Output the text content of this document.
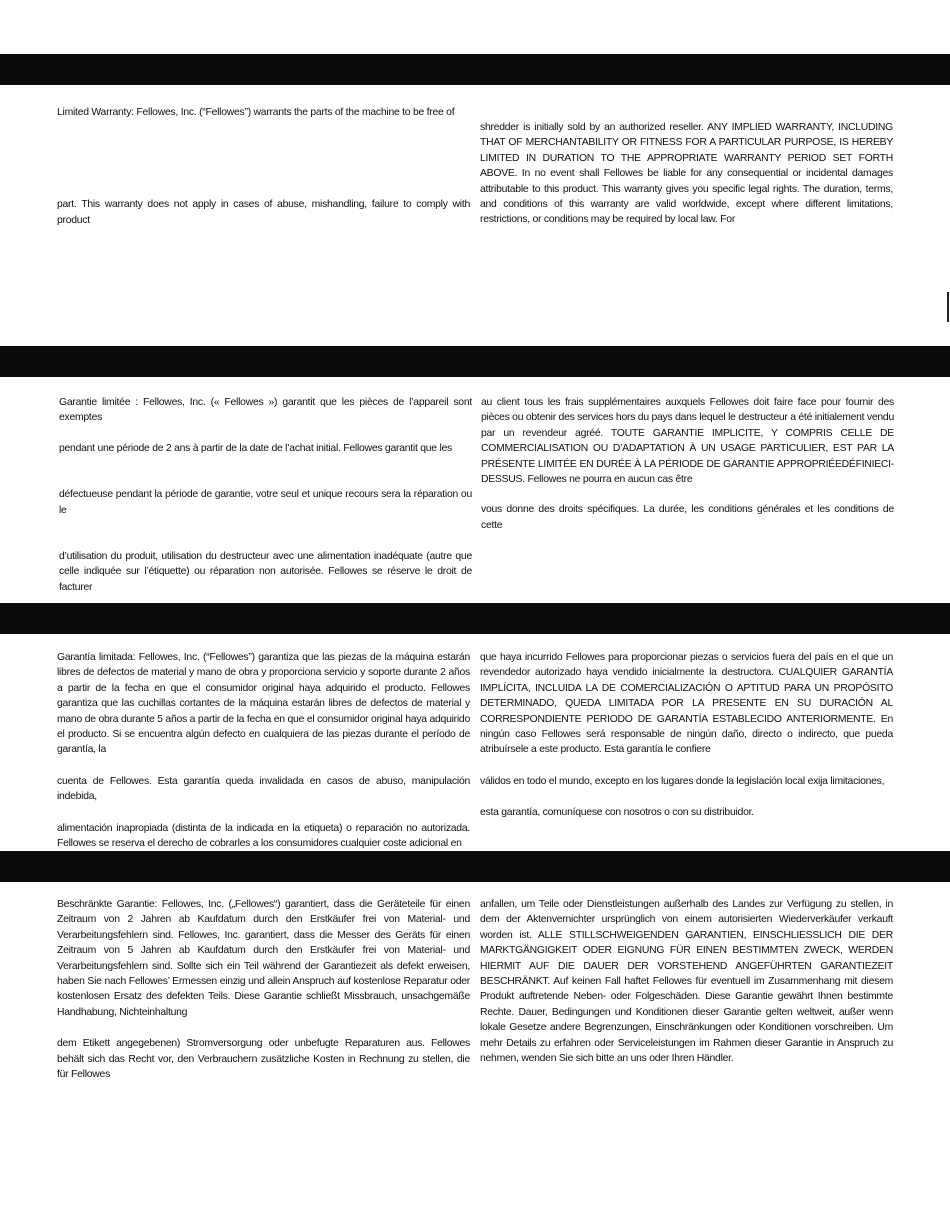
Limited Warranty: Fellowes, Inc. (“Fellowes”) warrants the parts of the machine to be free of

part. This warranty does not apply in cases of abuse, mishandling, failure to comply with product

shredder is initially sold by an authorized reseller. ANY IMPLIED WARRANTY, INCLUDING THAT OF MERCHANTABILITY OR FITNESS FOR A PARTICULAR PURPOSE, IS HEREBY LIMITED IN DURATION TO THE APPROPRIATE WARRANTY PERIOD SET FORTH ABOVE. In no event shall Fellowes be liable for any consequential or incidental damages attributable to this product. This warranty gives you specific legal rights. The duration, terms, and conditions of this warranty are valid worldwide, except where different limitations, restrictions, or conditions may be required by local law. For

Garantie limitée : Fellowes, Inc. (« Fellowes ») garantit que les pièces de l’appareil sont exemptes

pendant une période de 2 ans à partir de la date de l’achat initial. Fellowes garantit que les

défectueuse pendant la période de garantie, votre seul et unique recours sera la réparation ou le

d’utilisation du produit, utilisation du destructeur avec une alimentation inadéquate (autre que celle indiquée sur l’étiquette) ou réparation non autorisée. Fellowes se réserve le droit de facturer

au client tous les frais supplémentaires auxquels Fellowes doit faire face pour fournir des pièces ou obtenir des services hors du pays dans lequel le destructeur a été initialement vendu par un revendeur agréé. TOUTE GARANTIE IMPLICITE, Y COMPRIS CELLE DE COMMERCIALISATION OU D’ADAPTATION À UN USAGE PARTICULIER, EST PAR LA PRÉSENTE LIMITÉE EN DURÉE À LA PÉRIODE DE GARANTIE APPROPRIÉEDÉFINIECI-DESSUS. Fellowes ne pourra en aucun cas être

vous donne des droits spécifiques. La durée, les conditions générales et les conditions de cette

Garantía limitada: Fellowes, Inc. (“Fellowes”) garantiza que las piezas de la máquina estarán libres de defectos de material y mano de obra y proporciona servicio y soporte durante 2 años a partir de la fecha en que el consumidor original haya adquirido el producto. Fellowes garantiza que las cuchillas cortantes de la máquina estarán libres de defectos de material y mano de obra durante 5 años a partir de la fecha en que el consumidor original haya adquirido el producto. Si se encuentra algún defecto en cualquiera de las piezas durante el período de garantía, la

cuenta de Fellowes. Esta garantía queda invalidada en casos de abuso, manipulación indebida,

alimentación inapropiada (distinta de la indicada en la etiqueta) o reparación no autorizada. Fellowes se reserva el derecho de cobrarles a los consumidores cualquier coste adicional en

que haya incurrido Fellowes para proporcionar piezas o servicios fuera del país en el que un revendedor autorizado haya vendido inicialmente la destructora. CUALQUIER GARANTÍA IMPLÍCITA, INCLUIDA LA DE COMERCIALIZACIÓN O APTITUD PARA UN PROPÓSITO DETERMINADO, QUEDA LIMITADA POR LA PRESENTE EN SU DURACIÓN AL CORRESPONDIENTE PERIODO DE GARANTÍA ESTABLECIDO ANTERIORMENTE. En ningún caso Fellowes será responsable de ningún daño, directo o indirecto, que pueda atribuírsele a este producto. Esta garantía le confiere

válidos en todo el mundo, excepto en los lugares donde la legislación local exija limitaciones,

esta garantía, comuníquese con nosotros o con su distribuidor.

Beschränkte Garantie: Fellowes, Inc. („Fellowes“) garantiert, dass die Geräteteile für einen Zeitraum von 2 Jahren ab Kaufdatum durch den Erstkäufer frei von Material- und Verarbeitungsfehlern sind. Fellowes, Inc. garantiert, dass die Messer des Geräts für einen Zeitraum von 5 Jahren ab Kaufdatum durch den Erstkäufer frei von Material- und Verarbeitungsfehlern sind. Sollte sich ein Teil während der Garantiezeit als defekt erweisen, haben Sie nach Fellowes’ Ermessen einzig und allein Anspruch auf kostenlose Reparatur oder kostenlosen Ersatz des defekten Teils. Diese Garantie schließt Missbrauch, unsachgemäße Handhabung, Nichteinhaltung

dem Etikett angegebenen) Stromversorgung oder unbefugte Reparaturen aus. Fellowes behält sich das Recht vor, den Verbrauchern zusätzliche Kosten in Rechnung zu stellen, die für Fellowes

anfallen, um Teile oder Dienstleistungen außerhalb des Landes zur Verfügung zu stellen, in dem der Aktenvernichter ursprünglich von einem autorisierten Wiederverkäufer verkauft worden ist. ALLE STILLSCHWEIGENDEN GARANTIEN, EINSCHLIESSLICH DIE DER MARKTGÄNGIGKEIT ODER EIGNUNG FÜR EINEN BESTIMMTEN ZWECK, WERDEN HIERMIT AUF DIE DAUER DER VORSTEHEND ANGEFÜHRTEN GARANTIEZEIT BESCHRÄNKT. Auf keinen Fall haftet Fellowes für eventuell im Zusammenhang mit diesem Produkt auftretende Neben- oder Folgeschäden. Diese Garantie gewährt Ihnen bestimmte Rechte. Dauer, Bedingungen und Konditionen dieser Garantie gelten weltweit, außer wenn lokale Gesetze andere Begrenzungen, Einschränkungen oder Konditionen vorschreiben. Um mehr Details zu erfahren oder Serviceleistungen im Rahmen dieser Garantie in Anspruch zu nehmen, wenden Sie sich bitte an uns oder Ihren Händler.
